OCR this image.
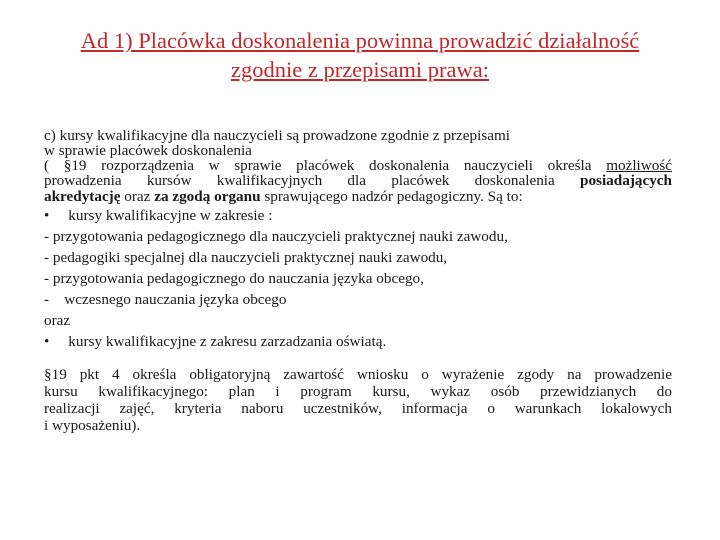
Ad 1) Placówka doskonalenia powinna prowadzić działalność
zgodnie z przepisami prawa:
c) kursy kwalifikacyjne dla nauczycieli są prowadzone zgodnie z przepisami
w sprawie placówek doskonalenia
( §19 rozporządzenia w sprawie placówek doskonalenia nauczycieli określa możliwość
prowadzenia kursów kwalifikacyjnych dla placówek doskonalenia posiadających
akredytację oraz za zgodą organu sprawującego nadzór pedagogiczny. Są to:
•     kursy kwalifikacyjne w zakresie :
- przygotowania pedagogicznego dla nauczycieli praktycznej nauki zawodu,
- pedagogiki specjalnej dla nauczycieli praktycznej nauki zawodu,
- przygotowania pedagogicznego do nauczania języka obcego,
-    wczesnego nauczania języka obcego
oraz
•     kursy kwalifikacyjne z zakresu zarzadzania oświatą.
§19 pkt 4 określa obligatoryjną zawartość wniosku o wyrażenie zgody na prowadzenie
kursu kwalifikacyjnego: plan i program kursu, wykaz osób przewidzianych do
realizacji zajęć, kryteria naboru uczestników, informacja o warunkach lokalowych
i wyposażeniu).
